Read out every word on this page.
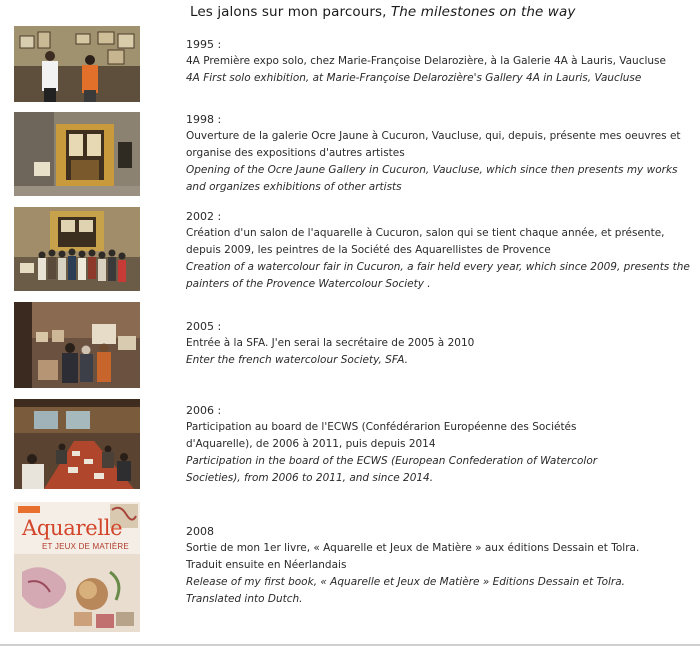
Les jalons sur mon parcours, The milestones on the way
Aquarelle
ET JEUX DE MATIÈRE
1995 :
4A Première expo solo, chez Marie-Françoise Delarozière, à la Galerie 4A à Lauris, Vaucluse
4A First solo exhibition, at Marie-Françoise Delarozière's Gallery 4A in Lauris, Vaucluse
1998 :
Ouverture de la galerie Ocre Jaune à Cucuron, Vaucluse, qui, depuis, présente mes oeuvres et organise des expositions d'autres artistes
Opening of the Ocre Jaune Gallery in Cucuron, Vaucluse, which since then presents my works and organizes exhibitions of other artists
2002 :
Création d'un salon de l'aquarelle à Cucuron, salon qui se tient chaque année, et présente, depuis 2009, les peintres de la Société des Aquarellistes de Provence
Creation of a watercolour fair in Cucuron, a fair held every year, which since 2009, presents the painters of the Provence Watercolour Society .
2005 :
Entrée à la SFA. J'en serai la secrétaire de 2005 à 2010
Enter the french watercolour Society, SFA.
2006 :
Participation au board de l'ECWS (Confédérarion Européenne des Sociétés d'Aquarelle), de 2006 à 2011, puis depuis 2014
Participation in the board of the ECWS (European Confederation of Watercolor Societies), from 2006 to 2011, and since 2014.
2008
Sortie de mon 1er livre, « Aquarelle et Jeux de Matière » aux éditions Dessain et Tolra. Traduit ensuite en Néerlandais
Release of my first book, « Aquarelle et Jeux de Matière » Editions Dessain et Tolra. Translated into Dutch.
